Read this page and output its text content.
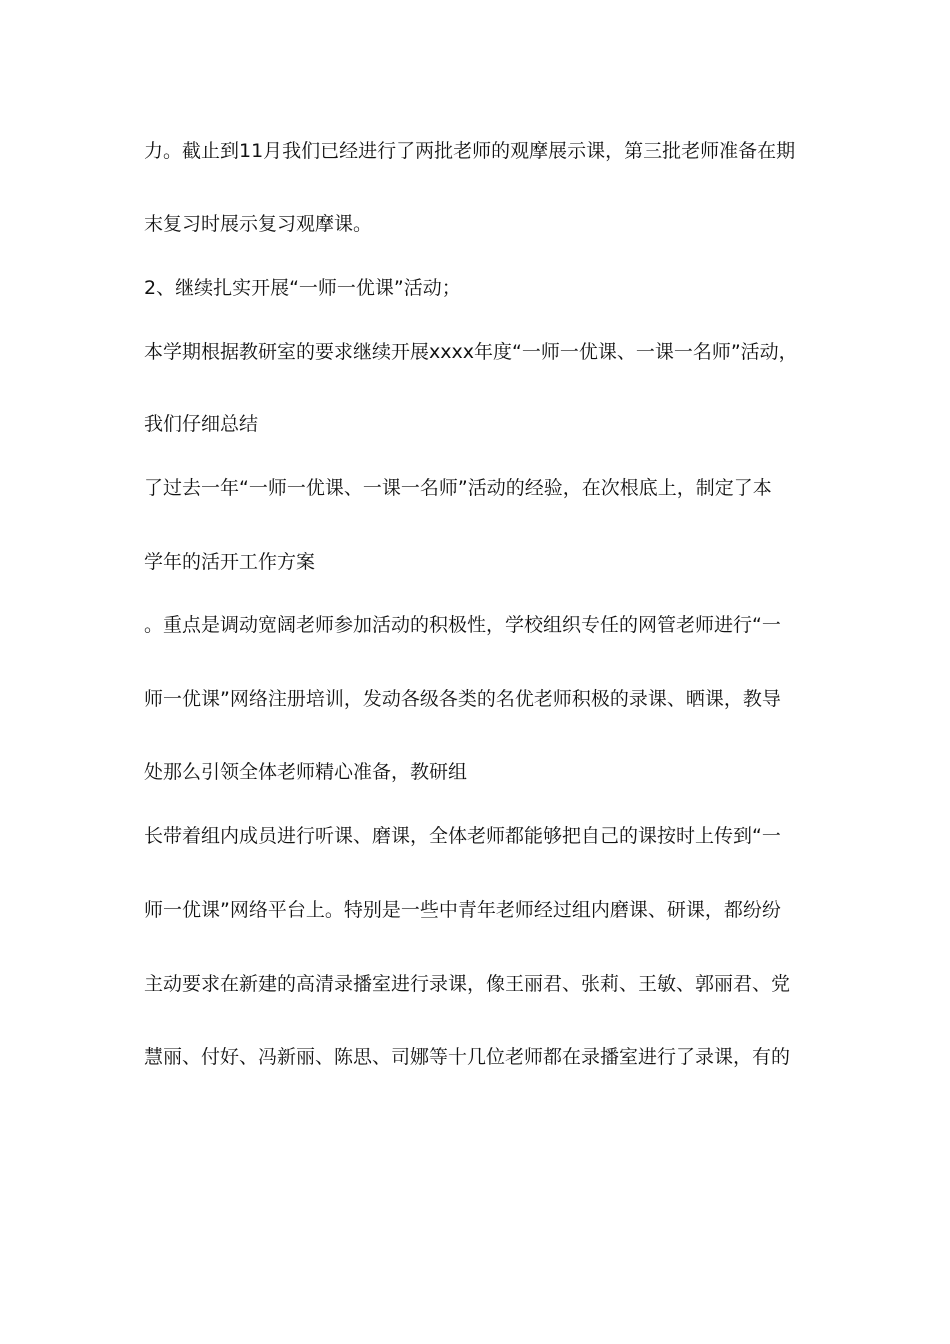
力。截止到11月我们已经进行了两批老师的观摩展示课，第三批老师准备在期
末复习时展示复习观摩课。
2、继续扎实开展“一师一优课”活动；
本学期根据教研室的要求继续开展xxxx年度“一师一优课、一课一名师”活动，
我们仔细总结
了过去一年“一师一优课、一课一名师”活动的经验，在次根底上，制定了本
学年的活开工作方案
。重点是调动宽阔老师参加活动的积极性，学校组织专任的网管老师进行“一
师一优课”网络注册培训，发动各级各类的名优老师积极的录课、晒课，教导
处那么引领全体老师精心准备，教研组
长带着组内成员进行听课、磨课，全体老师都能够把自己的课按时上传到“一
师一优课”网络平台上。特别是一些中青年老师经过组内磨课、研课，都纷纷
主动要求在新建的高清录播室进行录课，像王丽君、张莉、王敏、郭丽君、党
慧丽、付好、冯新丽、陈思、司娜等十几位老师都在录播室进行了录课，有的
